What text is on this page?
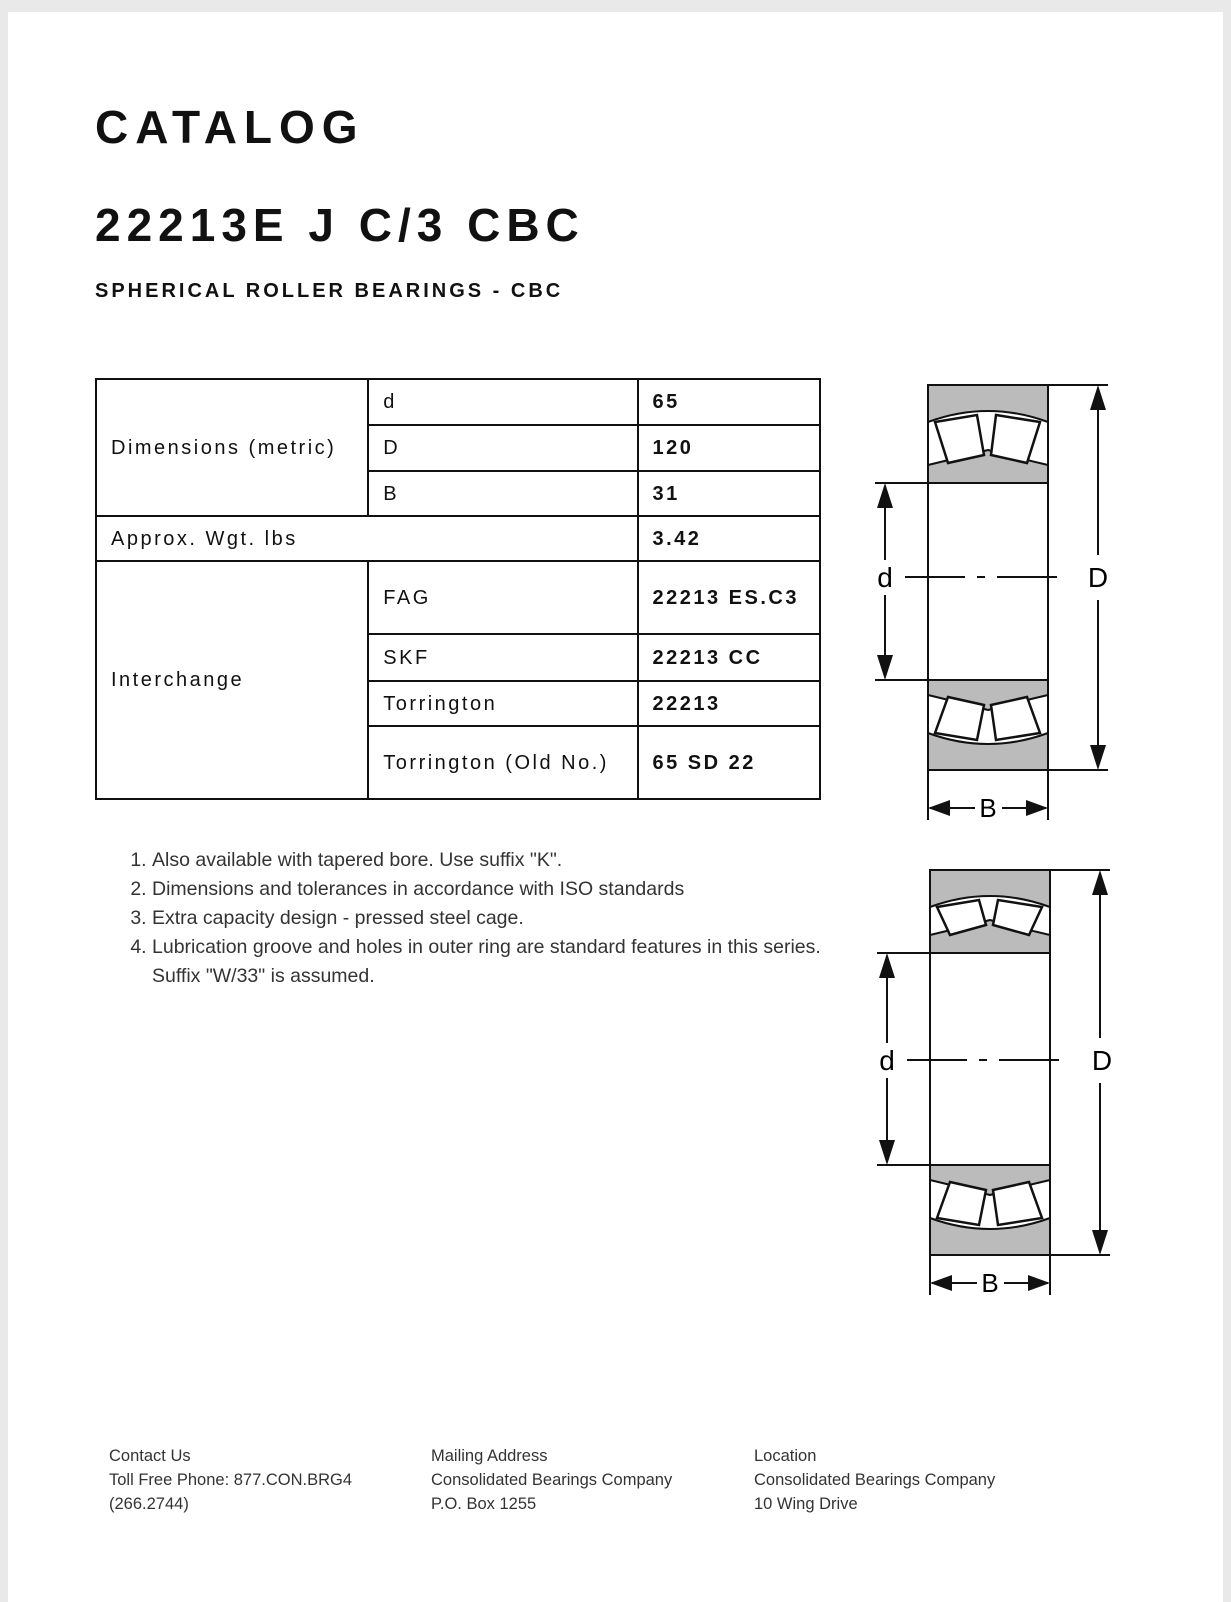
CATALOG
22213E J C/3 CBC
SPHERICAL ROLLER BEARINGS - CBC
Dimensions (metric)	d	65
	D	120
	B	31
Approx. Wgt. lbs		3.42
Interchange	FAG	22213 ES.C3
	SKF	22213 CC
	Torrington	22213
	Torrington (Old No.)	65 SD 22
1. Also available with tapered bore. Use suffix "K".
2. Dimensions and tolerances in accordance with ISO standards
3. Extra capacity design - pressed steel cage.
4. Lubrication groove and holes in outer ring are standard features in this series. Suffix "W/33" is assumed.
d	D
B
d	D
B
Contact Us
Toll Free Phone: 877.CON.BRG4
(266.2744)
Mailing Address
Consolidated Bearings Company
P.O. Box 1255
Location
Consolidated Bearings Company
10 Wing Drive
